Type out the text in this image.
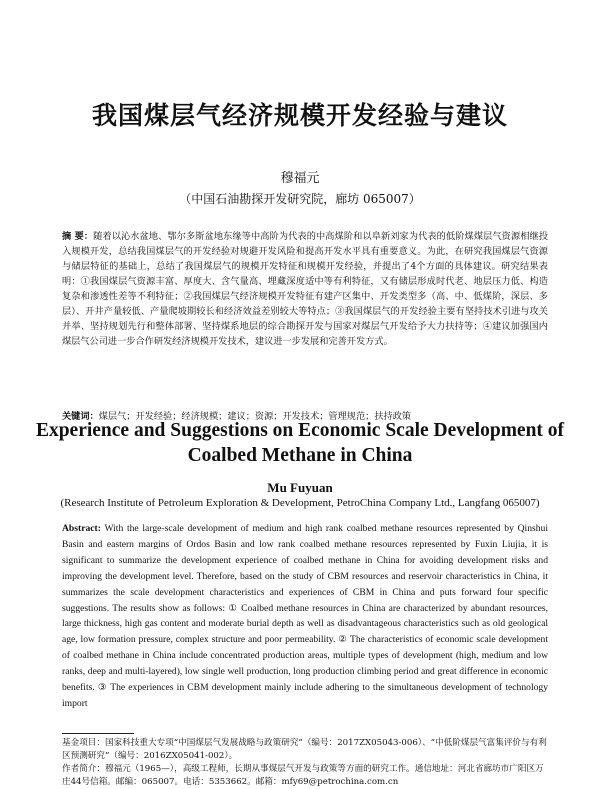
我国煤层气经济规模开发经验与建议
穆福元
（中国石油勘探开发研究院，廊坊 065007）
摘 要：随着以沁水盆地、鄂尔多斯盆地东缘等中高阶为代表的中高煤阶和以阜新刘家为代表的低阶煤煤层气资源相继投入规模开发，总结我国煤层气的开发经验对规避开发风险和提高开发水平具有重要意义。为此，在研究我国煤层气资源与储层特征的基础上，总结了我国煤层气的规模开发特征和规模开发经验，并提出了4个方面的具体建议。研究结果表明：①我国煤层气资源丰富、厚度大、含气量高、埋藏深度适中等有利特征，又有储层形成时代老、地层压力低、构造复杂和渗透性差等不利特征；②我国煤层气经济规模开发特征有建产区集中、开发类型多（高、中、低煤阶，深层、多层）、开井产量较低、产量爬坡期较长和经济效益差别较大等特点；③我国煤层气的开发经验主要有坚持技术引进与攻关并举、坚持规划先行和整体部署、坚持煤系地层的综合勘探开发与国家对煤层气开发给予大力扶持等；④建议加强国内煤层气公司进一步合作研发经济规模开发技术，建议进一步发展和完善开发方式。
关键词：煤层气；开发经验；经济规模；建议；资源；开发技术；管理规范；扶持政策
Experience and Suggestions on Economic Scale Development of Coalbed Methane in China
Mu Fuyuan
(Research Institute of Petroleum Exploration & Development, PetroChina Company Ltd., Langfang 065007)
Abstract: With the large-scale development of medium and high rank coalbed methane resources represented by Qinshui Basin and eastern margins of Ordos Basin and low rank coalbed methane resources represented by Fuxin Liujia, it is significant to summarize the development experience of coalbed methane in China for avoiding development risks and improving the development level. Therefore, based on the study of CBM resources and reservoir characteristics in China, it summarizes the scale development characteristics and experiences of CBM in China and puts forward four specific suggestions. The results show as follows: ① Coalbed methane resources in China are characterized by abundant resources, large thickness, high gas content and moderate burial depth as well as disadvantageous characteristics such as old geological age, low formation pressure, complex structure and poor permeability. ② The characteristics of economic scale development of coalbed methane in China include concentrated production areas, multiple types of development (high, medium and low ranks, deep and multi-layered), low single well production, long production climbing period and great difference in economic benefits. ③ The experiences in CBM development mainly include adhering to the simultaneous development of technology import
基金项目：国家科技重大专项“中国煤层气发展战略与政策研究”（编号：2017ZX05043-006）、“中低阶煤层气富集评价与有利区预测研究”（编号：2016ZX05041-002）。
作者简介：穆福元（1965—），高级工程师，长期从事煤层气开发与政策等方面的研究工作。通信地址：河北省廊坊市广阳区万庄44号信箱。邮编：065007。电话：5353662。邮箱：mfy69@petrochina.com.cn
